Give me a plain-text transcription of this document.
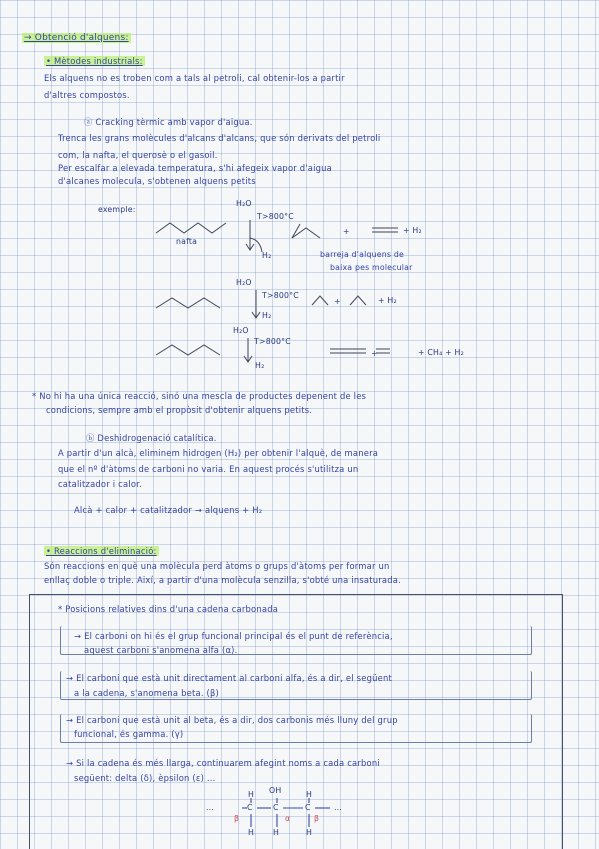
→ Obtenció d'alquens:
• Mètodes industrials:
Els alquens no es troben com a tals al petroli, cal obtenir-los a partir
d'altres compostos.
ⓐ Cracking tèrmic amb vapor d'aigua.
Trenca les grans molècules d'alcans d'alcans, que són derivats del petroli
com, la nafta, el querosè o el gasoil.
Per escalfar a elevada temperatura, s'hi afegeix vapor d'aigua
d'alcanes molecula, s'obtenen alquens petits
exemple:
nafta
H₂O
T>800°C
H₂
+	+ H₂
barreja d'alquens de
baixa pes molecular
H₂O
T>800°C
H₂
+	+ H₂
H₂O
T>800°C
H₂
+	+ CH₄ + H₂
* No hi ha una única reacció, sinó una mescla de productes depenent de les
condicions, sempre amb el propòsit d'obtenir alquens petits.
ⓑ Deshidrogenació catalítica.
A partir d'un alcà, eliminem hidrogen (H₂) per obtenir l'alquè, de manera
que el nº d'àtoms de carboni no varia. En aquest procés s'utilitza un
catalitzador i calor.
Alcà + calor + catalitzador → alquens + H₂
• Reaccions d'eliminació:
Són reaccions en què una molècula perd àtoms o grups d'àtoms per formar un
enllaç doble o triple. Així, a partir d'una molècula senzilla, s'obté una insaturada.
* Posicions relatives dins d'una cadena carbonada
→ El carboni on hi és el grup funcional principal és el punt de referència,
aquest carboni s'anomena alfa (α).
→ El carboni que està unit directament al carboni alfa, és a dir, el següent
a la cadena, s'anomena beta. (β)
→ El carboni que està unit al beta, és a dir, dos carbonis més lluny del grup
funcional, és gamma. (γ)
→ Si la cadena és més llarga, continuarem afegint noms a cada carboni
següent: delta (δ), èpsilon (ε) ...
OH
H	H
...	C	C	C	...
H H	H
β	α	β
